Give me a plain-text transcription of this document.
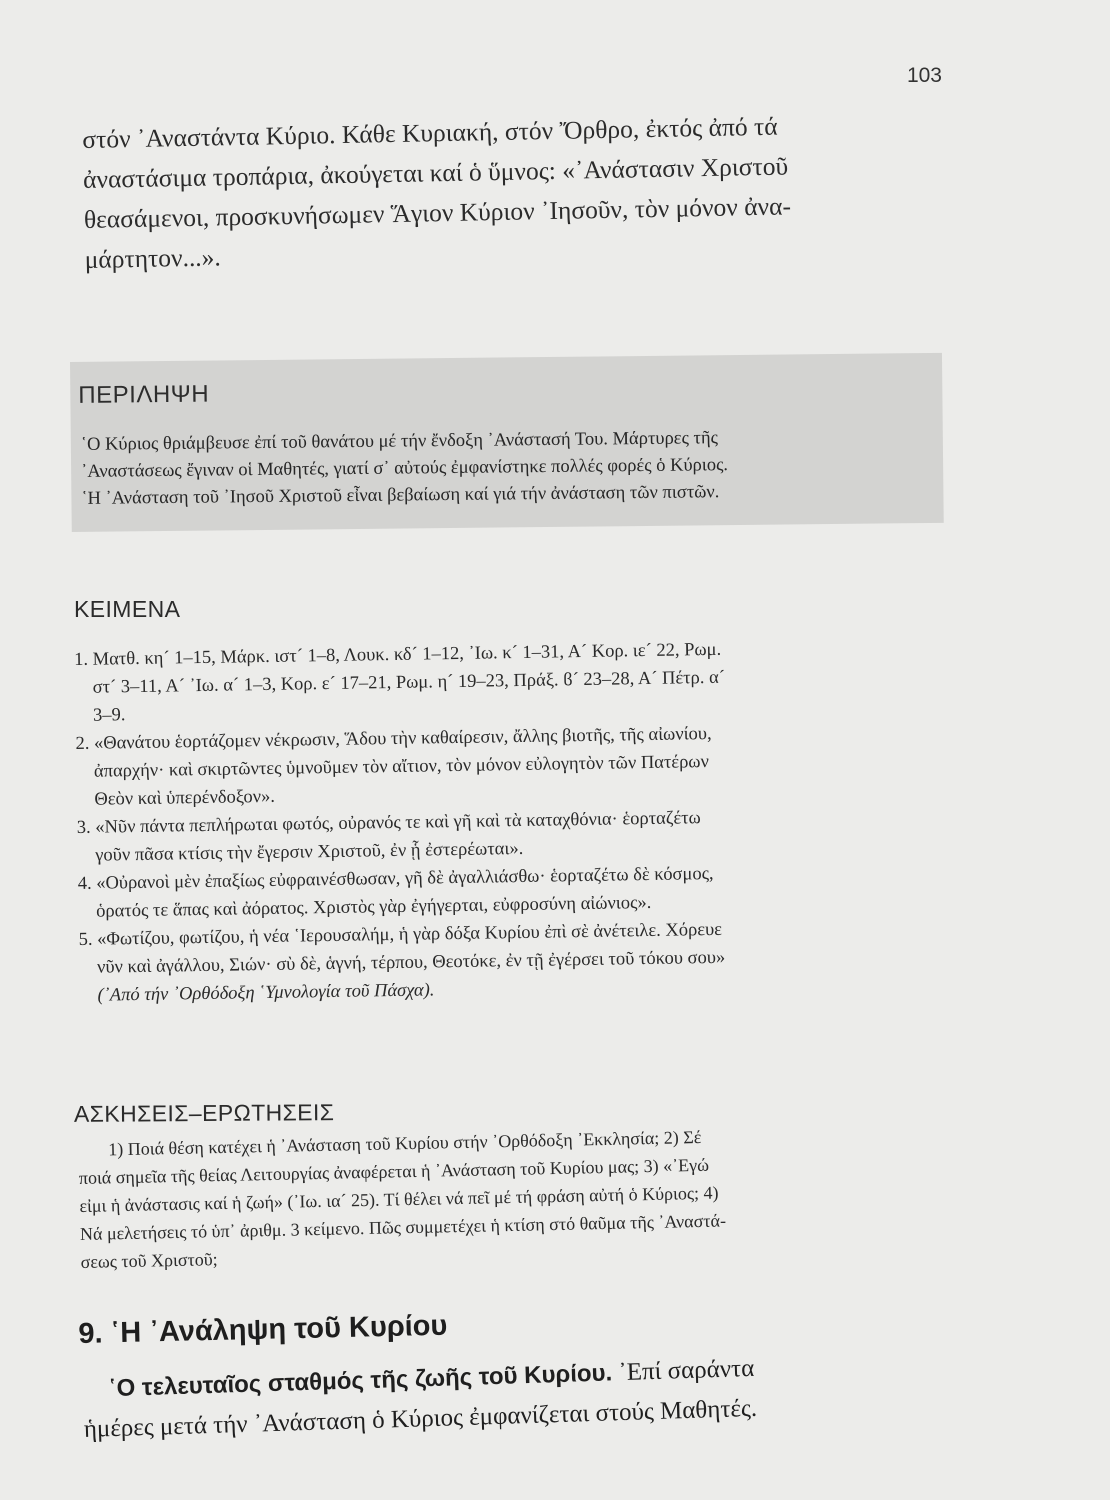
103
στόν ᾿Αναστάντα Κύριο. Κάθε Κυριακή, στόν Ὄρθρο, ἐκτός ἀπό τά
ἀναστάσιμα τροπάρια, ἀκούγεται καί ὁ ὕμνος: «᾿Ανάστασιν Χριστοῦ
θεασάμενοι, προσκυνήσωμεν Ἅγιον Κύριον ᾿Ιησοῦν, τὸν μόνον ἀνα-
μάρτητον...».
ΠΕΡΙΛΗΨΗ
῾Ο Κύριος θριάμβευσε ἐπί τοῦ θανάτου μέ τήν ἔνδοξη ᾿Ανάστασή Του. Μάρτυρες τῆς
᾿Αναστάσεως ἔγιναν οἱ Μαθητές, γιατί σ᾿ αὐτούς ἐμφανίστηκε πολλές φορές ὁ Κύριος.
῾Η ᾿Ανάσταση τοῦ ᾿Ιησοῦ Χριστοῦ εἶναι βεβαίωση καί γιά τήν ἀνάσταση τῶν πιστῶν.
ΚΕΙΜΕΝΑ
1. Ματθ. κη´ 1–15, Μάρκ. ιστ´ 1–8, Λουκ. κδ´ 1–12, ᾿Ιω. κ´ 1–31, Α´ Κορ. ιε´ 22, Ρωμ.
στ´ 3–11, Α´ ᾿Ιω. α´ 1–3, Κορ. ε´ 17–21, Ρωμ. η´ 19–23, Πράξ. ϐ´ 23–28, Α´ Πέτρ. α´
3–9.
2. «Θανάτου ἑορτάζομεν νέκρωσιν, Ἅδου τὴν καθαίρεσιν, ἄλλης βιοτῆς, τῆς αἰωνίου,
ἀπαρχήν· καὶ σκιρτῶντες ὑμνοῦμεν τὸν αἴτιον, τὸν μόνον εὐλογητὸν τῶν Πατέρων
Θεὸν καὶ ὑπερένδοξον».
3. «Νῦν πάντα πεπλήρωται φωτός, οὐρανός τε καὶ γῆ καὶ τὰ καταχθόνια· ἑορταζέτω
γοῦν πᾶσα κτίσις τὴν ἔγερσιν Χριστοῦ, ἐν ᾗ ἐστερέωται».
4. «Οὐρανοὶ μὲν ἐπαξίως εὐφραινέσθωσαν, γῆ δὲ ἀγαλλιάσθω· ἑορταζέτω δὲ κόσμος,
ὁρατός τε ἅπας καὶ ἀόρατος. Χριστὸς γὰρ ἐγήγερται, εὐφροσύνη αἰώνιος».
5. «Φωτίζου, φωτίζου, ἡ νέα ῾Ιερουσαλήμ, ἡ γὰρ δόξα Κυρίου ἐπὶ σὲ ἀνέτειλε. Χόρευε
νῦν καὶ ἀγάλλου, Σιών· σὺ δὲ, ἁγνή, τέρπου, Θεοτόκε, ἐν τῇ ἐγέρσει τοῦ τόκου σου»
(᾿Από τήν ᾿Ορθόδοξη ῾Υμνολογία τοῦ Πάσχα).
ΑΣΚΗΣΕΙΣ–ΕΡΩΤΗΣΕΙΣ
1) Ποιά θέση κατέχει ἡ ᾿Ανάσταση τοῦ Κυρίου στήν ᾿Ορθόδοξη ᾿Εκκλησία; 2) Σέ
ποιά σημεῖα τῆς θείας Λειτουργίας ἀναφέρεται ἡ ᾿Ανάσταση τοῦ Κυρίου μας; 3) «᾿Εγώ
εἰμι ἡ ἀνάστασις καί ἡ ζωή» (᾿Ιω. ια´ 25). Τί θέλει νά πεῖ μέ τή φράση αὐτή ὁ Κύριος; 4)
Νά μελετήσεις τό ὑπ᾿ ἀριθμ. 3 κείμενο. Πῶς συμμετέχει ἡ κτίση στό θαῦμα τῆς ᾿Αναστά-
σεως τοῦ Χριστοῦ;
9. ῾Η ᾿Ανάληψη τοῦ Κυρίου
῾Ο τελευταῖος σταθμός τῆς ζωῆς τοῦ Κυρίου. ᾿Επί σαράντα
ἡμέρες μετά τήν ᾿Ανάσταση ὁ Κύριος ἐμφανίζεται στούς Μαθητές.
